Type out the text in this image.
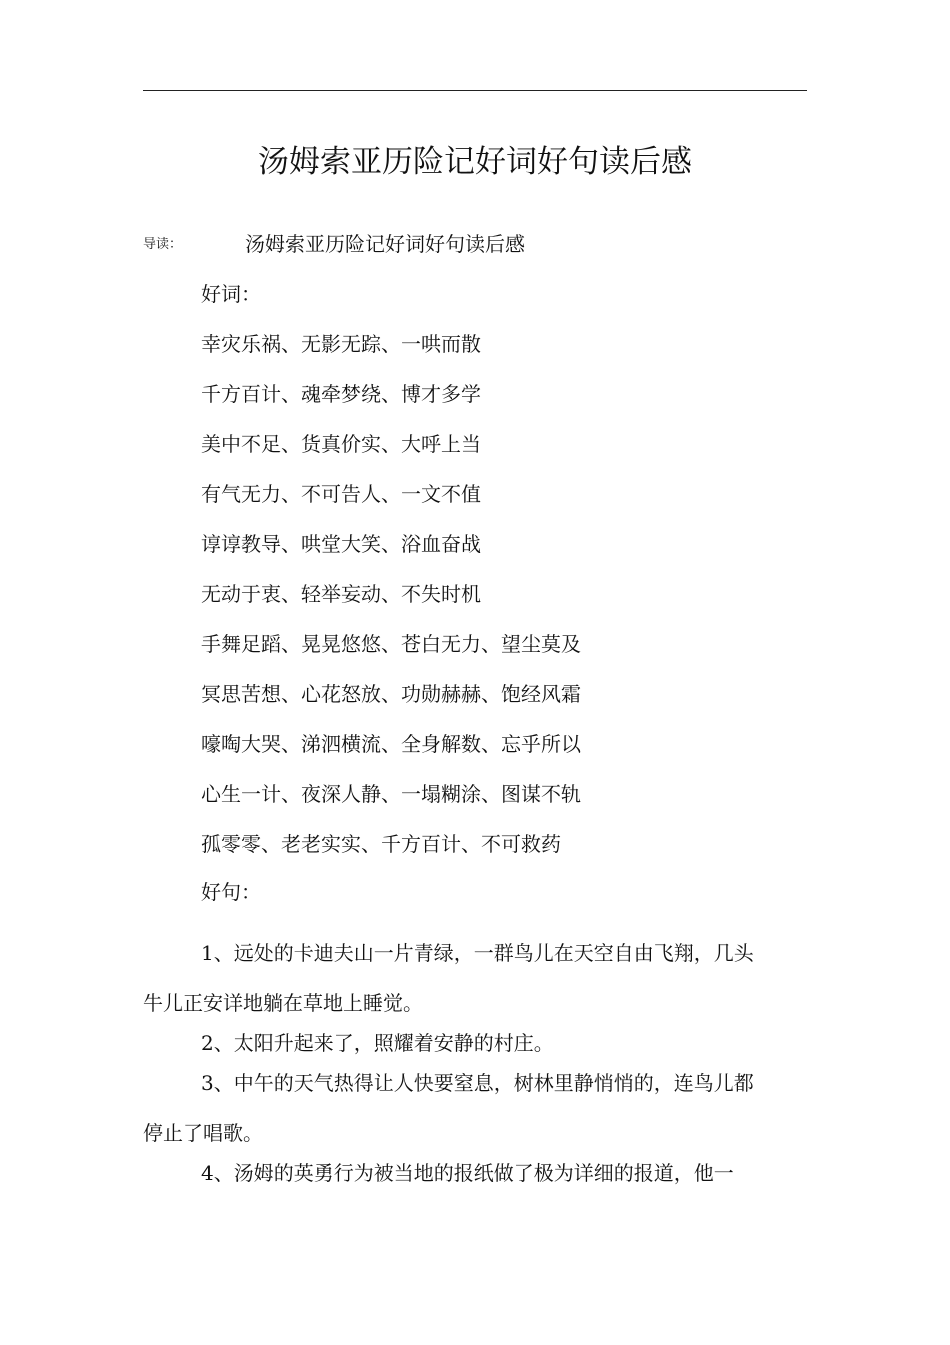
汤姆索亚历险记好词好句读后感
导读：	汤姆索亚历险记好词好句读后感
好词：
幸灾乐祸、无影无踪、一哄而散
千方百计、魂牵梦绕、博才多学
美中不足、货真价实、大呼上当
有气无力、不可告人、一文不值
谆谆教导、哄堂大笑、浴血奋战
无动于衷、轻举妄动、不失时机
手舞足蹈、晃晃悠悠、苍白无力、望尘莫及
冥思苦想、心花怒放、功勋赫赫、饱经风霜
嚎啕大哭、涕泗横流、全身解数、忘乎所以
心生一计、夜深人静、一塌糊涂、图谋不轨
孤零零、老老实实、千方百计、不可救药
好句：

1、远处的卡迪夫山一片青绿，一群鸟儿在天空自由飞翔，几头牛儿正安详地躺在草地上睡觉。

2、太阳升起来了，照耀着安静的村庄。

3、中午的天气热得让人快要窒息，树林里静悄悄的，连鸟儿都停止了唱歌。

4、汤姆的英勇行为被当地的报纸做了极为详细的报道，他一
